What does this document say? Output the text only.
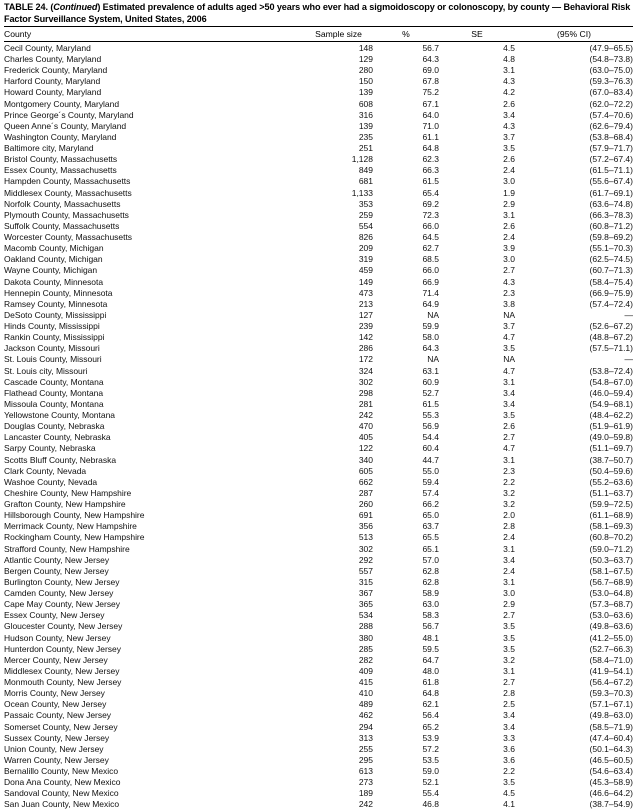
TABLE 24. (Continued) Estimated prevalence of adults aged >50 years who ever had a sigmoidoscopy or colonoscopy, by county — Behavioral Risk Factor Surveillance System, United States, 2006
County	Sample size	%	SE	(95% CI)
Cecil County, Maryland	148	56.7	4.5	(47.9–65.5)
Charles County, Maryland	129	64.3	4.8	(54.8–73.8)
Frederick County, Maryland	280	69.0	3.1	(63.0–75.0)
Harford County, Maryland	150	67.8	4.3	(59.3–76.3)
Howard County, Maryland	139	75.2	4.2	(67.0–83.4)
Montgomery County, Maryland	608	67.1	2.6	(62.0–72.2)
Prince George´s County, Maryland	316	64.0	3.4	(57.4–70.6)
Queen Anne´s County, Maryland	139	71.0	4.3	(62.6–79.4)
Washington County, Maryland	235	61.1	3.7	(53.8–68.4)
Baltimore city, Maryland	251	64.8	3.5	(57.9–71.7)
Bristol County, Massachusetts	1,128	62.3	2.6	(57.2–67.4)
Essex County, Massachusetts	849	66.3	2.4	(61.5–71.1)
Hampden County, Massachusetts	681	61.5	3.0	(55.6–67.4)
Middlesex County, Massachusetts	1,133	65.4	1.9	(61.7–69.1)
Norfolk County, Massachusetts	353	69.2	2.9	(63.6–74.8)
Plymouth County, Massachusetts	259	72.3	3.1	(66.3–78.3)
Suffolk County, Massachusetts	554	66.0	2.6	(60.8–71.2)
Worcester County, Massachusetts	826	64.5	2.4	(59.8–69.2)
Macomb County, Michigan	209	62.7	3.9	(55.1–70.3)
Oakland County, Michigan	319	68.5	3.0	(62.5–74.5)
Wayne County, Michigan	459	66.0	2.7	(60.7–71.3)
Dakota County, Minnesota	149	66.9	4.3	(58.4–75.4)
Hennepin County, Minnesota	473	71.4	2.3	(66.9–75.9)
Ramsey County, Minnesota	213	64.9	3.8	(57.4–72.4)
DeSoto County, Mississippi	127	NA	NA	—
Hinds County, Mississippi	239	59.9	3.7	(52.6–67.2)
Rankin County, Mississippi	142	58.0	4.7	(48.8–67.2)
Jackson County, Missouri	286	64.3	3.5	(57.5–71.1)
St. Louis County, Missouri	172	NA	NA	—
St. Louis city, Missouri	324	63.1	4.7	(53.8–72.4)
Cascade County, Montana	302	60.9	3.1	(54.8–67.0)
Flathead County, Montana	298	52.7	3.4	(46.0–59.4)
Missoula County, Montana	281	61.5	3.4	(54.9–68.1)
Yellowstone County, Montana	242	55.3	3.5	(48.4–62.2)
Douglas County, Nebraska	470	56.9	2.6	(51.9–61.9)
Lancaster County, Nebraska	405	54.4	2.7	(49.0–59.8)
Sarpy County, Nebraska	122	60.4	4.7	(51.1–69.7)
Scotts Bluff County, Nebraska	340	44.7	3.1	(38.7–50.7)
Clark County, Nevada	605	55.0	2.3	(50.4–59.6)
Washoe County, Nevada	662	59.4	2.2	(55.2–63.6)
Cheshire County, New Hampshire	287	57.4	3.2	(51.1–63.7)
Grafton County, New Hampshire	260	66.2	3.2	(59.9–72.5)
Hillsborough County, New Hampshire	691	65.0	2.0	(61.1–68.9)
Merrimack County, New Hampshire	356	63.7	2.8	(58.1–69.3)
Rockingham County, New Hampshire	513	65.5	2.4	(60.8–70.2)
Strafford County, New Hampshire	302	65.1	3.1	(59.0–71.2)
Atlantic County, New Jersey	292	57.0	3.4	(50.3–63.7)
Bergen County, New Jersey	557	62.8	2.4	(58.1–67.5)
Burlington County, New Jersey	315	62.8	3.1	(56.7–68.9)
Camden County, New Jersey	367	58.9	3.0	(53.0–64.8)
Cape May County, New Jersey	365	63.0	2.9	(57.3–68.7)
Essex County, New Jersey	534	58.3	2.7	(53.0–63.6)
Gloucester County, New Jersey	288	56.7	3.5	(49.8–63.6)
Hudson County, New Jersey	380	48.1	3.5	(41.2–55.0)
Hunterdon County, New Jersey	285	59.5	3.5	(52.7–66.3)
Mercer County, New Jersey	282	64.7	3.2	(58.4–71.0)
Middlesex County, New Jersey	409	48.0	3.1	(41.9–54.1)
Monmouth County, New Jersey	415	61.8	2.7	(56.4–67.2)
Morris County, New Jersey	410	64.8	2.8	(59.3–70.3)
Ocean County, New Jersey	489	62.1	2.5	(57.1–67.1)
Passaic County, New Jersey	462	56.4	3.4	(49.8–63.0)
Somerset County, New Jersey	294	65.2	3.4	(58.5–71.9)
Sussex County, New Jersey	313	53.9	3.3	(47.4–60.4)
Union County, New Jersey	255	57.2	3.6	(50.1–64.3)
Warren County, New Jersey	295	53.5	3.6	(46.5–60.5)
Bernalillo County, New Mexico	613	59.0	2.2	(54.6–63.4)
Dona Ana County, New Mexico	273	52.1	3.5	(45.3–58.9)
Sandoval County, New Mexico	189	55.4	4.5	(46.6–64.2)
San Juan County, New Mexico	242	46.8	4.1	(38.7–54.9)
